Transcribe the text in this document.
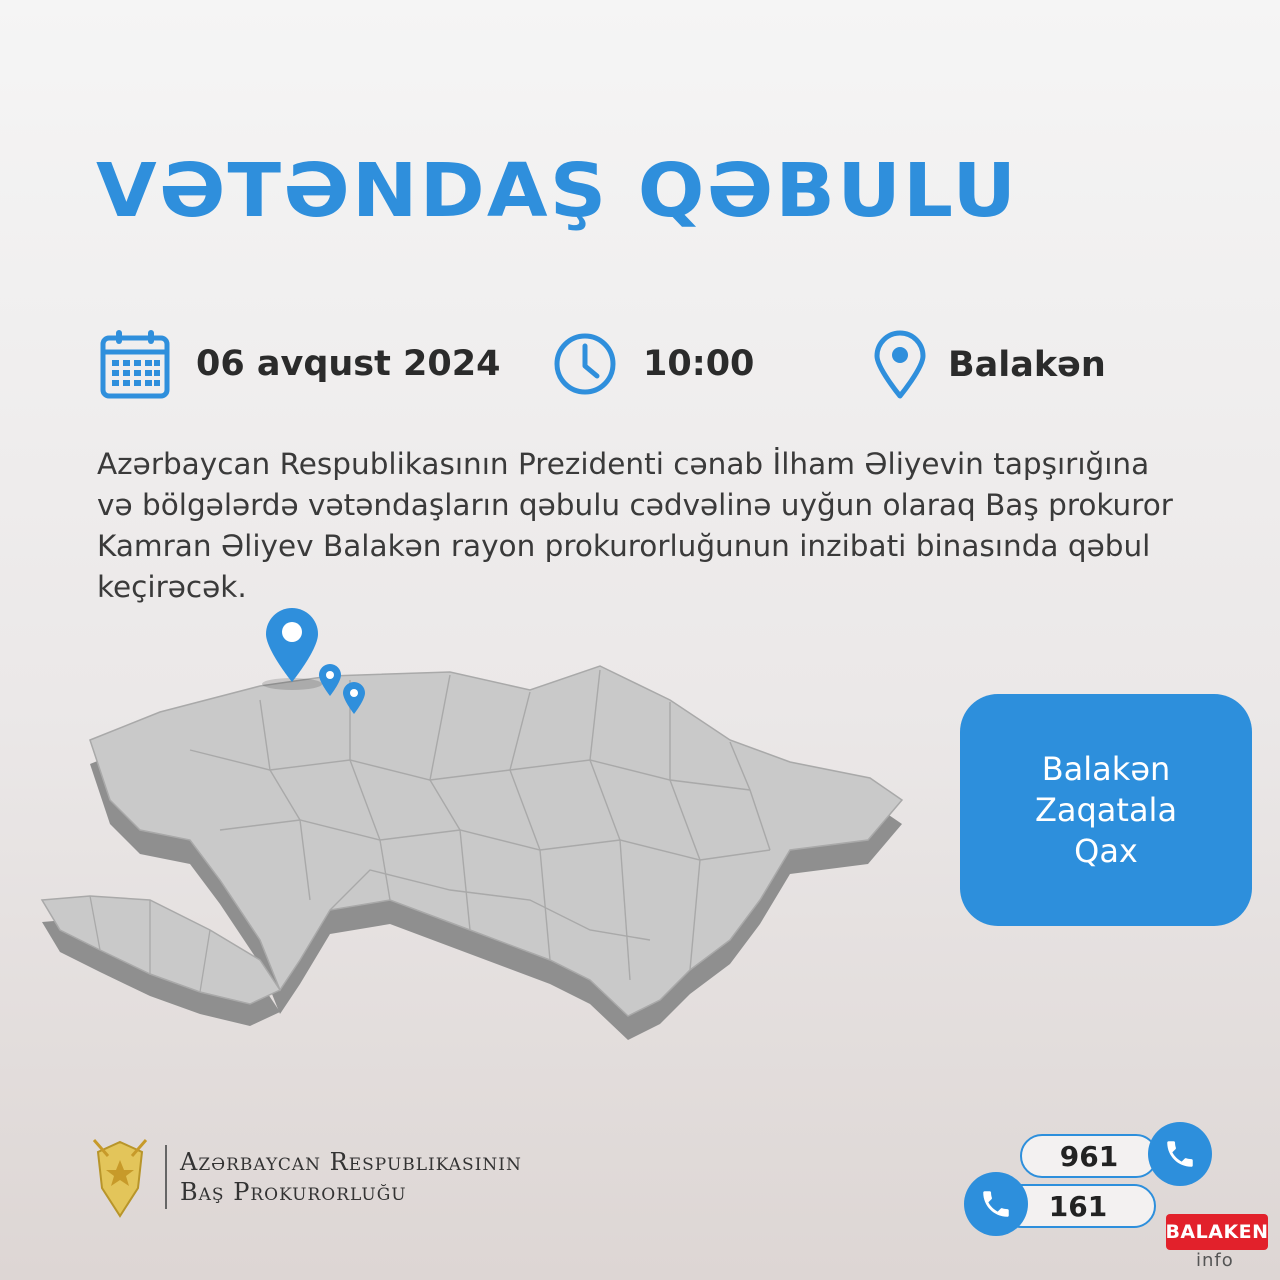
VƏTƏNDAŞ QƏBULU
06 avqust 2024	10:00	Balakən

Azərbaycan Respublikasının Prezidenti cənab İlham Əliyevin tapşırığına və bölgələrdə vətəndaşların qəbulu cədvəlinə uyğun olaraq Baş prokuror Kamran Əliyev Balakən rayon prokurorluğunun inzibati binasında qəbul keçirəcək.

Balakən
Zaqatala
Qax
Azərbaycan Respublikasının
Baş Prokurorluğu
961
161
BALAKEN
info
